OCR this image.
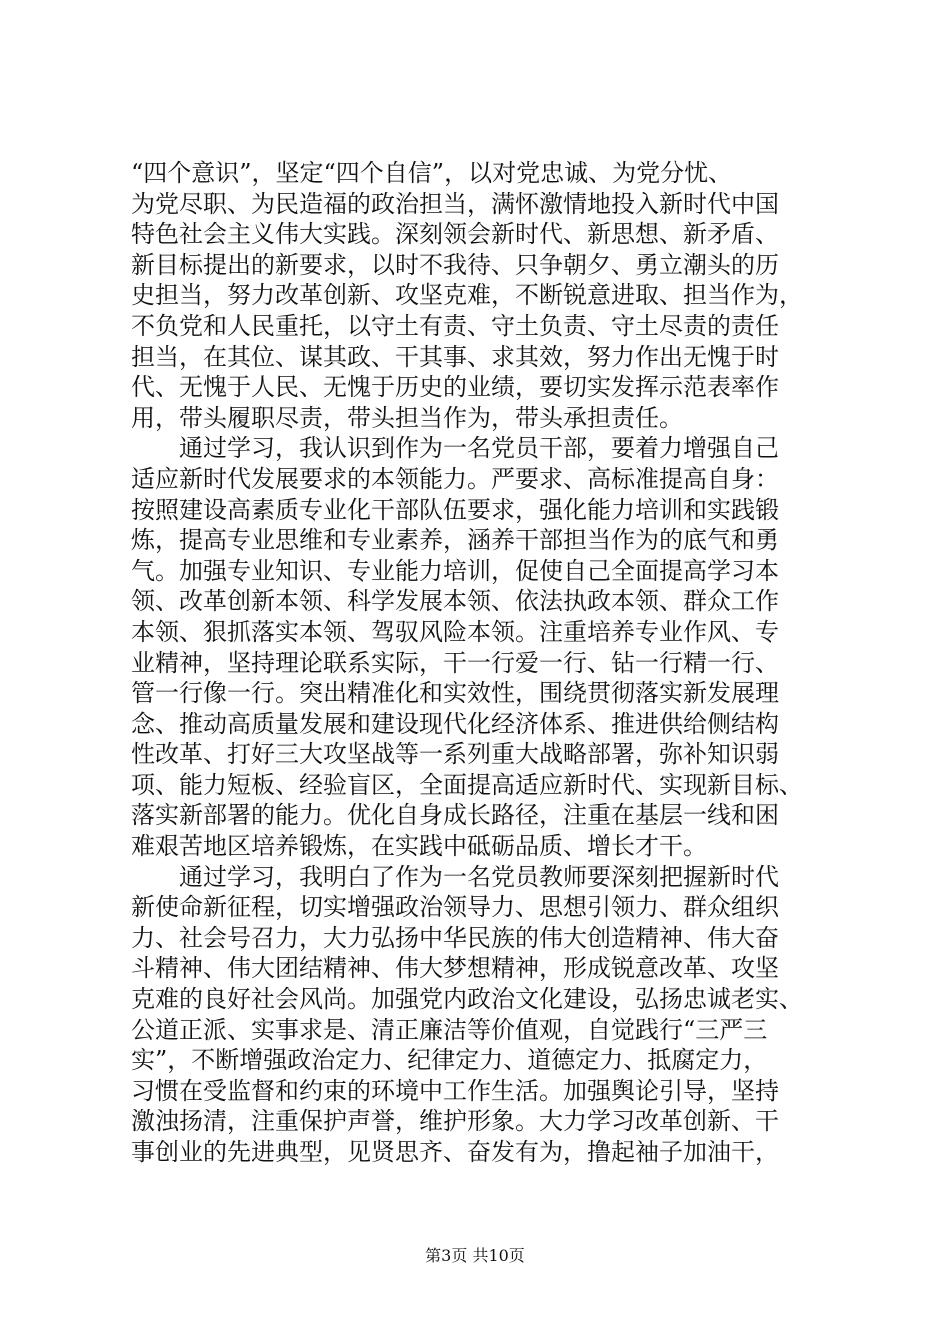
“四个意识”，坚定“四个自信”，以对党忠诚、为党分忧、
为党尽职、为民造福的政治担当，满怀激情地投入新时代中国
特色社会主义伟大实践。深刻领会新时代、新思想、新矛盾、
新目标提出的新要求，以时不我待、只争朝夕、勇立潮头的历
史担当，努力改革创新、攻坚克难，不断锐意进取、担当作为，
不负党和人民重托，以守土有责、守土负责、守土尽责的责任
担当，在其位、谋其政、干其事、求其效，努力作出无愧于时
代、无愧于人民、无愧于历史的业绩，要切实发挥示范表率作
用，带头履职尽责，带头担当作为，带头承担责任。
通过学习，我认识到作为一名党员干部，要着力增强自己
适应新时代发展要求的本领能力。严要求、高标准提高自身：
按照建设高素质专业化干部队伍要求，强化能力培训和实践锻
炼，提高专业思维和专业素养，涵养干部担当作为的底气和勇
气。加强专业知识、专业能力培训，促使自己全面提高学习本
领、改革创新本领、科学发展本领、依法执政本领、群众工作
本领、狠抓落实本领、驾驭风险本领。注重培养专业作风、专
业精神，坚持理论联系实际，干一行爱一行、钻一行精一行、
管一行像一行。突出精准化和实效性，围绕贯彻落实新发展理
念、推动高质量发展和建设现代化经济体系、推进供给侧结构
性改革、打好三大攻坚战等一系列重大战略部署，弥补知识弱
项、能力短板、经验盲区，全面提高适应新时代、实现新目标、
落实新部署的能力。优化自身成长路径，注重在基层一线和困
难艰苦地区培养锻炼，在实践中砥砺品质、增长才干。
通过学习，我明白了作为一名党员教师要深刻把握新时代
新使命新征程，切实增强政治领导力、思想引领力、群众组织
力、社会号召力，大力弘扬中华民族的伟大创造精神、伟大奋
斗精神、伟大团结精神、伟大梦想精神，形成锐意改革、攻坚
克难的良好社会风尚。加强党内政治文化建设，弘扬忠诚老实、
公道正派、实事求是、清正廉洁等价值观，自觉践行“三严三
实”，不断增强政治定力、纪律定力、道德定力、抵腐定力，
习惯在受监督和约束的环境中工作生活。加强舆论引导，坚持
激浊扬清，注重保护声誉，维护形象。大力学习改革创新、干
事创业的先进典型，见贤思齐、奋发有为，撸起袖子加油干，
第3页 共10页
